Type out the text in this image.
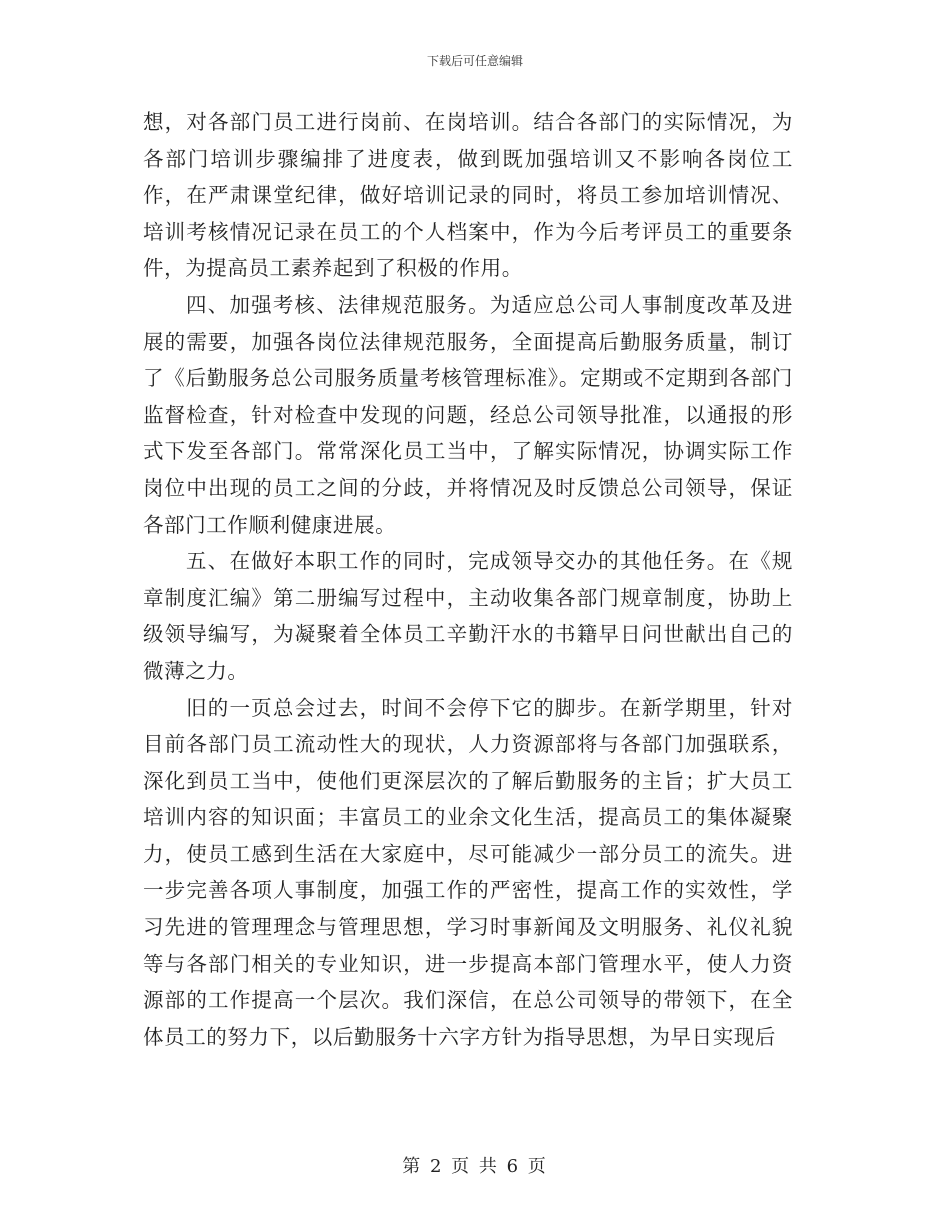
下载后可任意编辑

想，对各部门员工进行岗前、在岗培训。结合各部门的实际情况，为各部门培训步骤编排了进度表，做到既加强培训又不影响各岗位工作，在严肃课堂纪律，做好培训记录的同时，将员工参加培训情况、培训考核情况记录在员工的个人档案中，作为今后考评员工的重要条件，为提高员工素养起到了积极的作用。

四、加强考核、法律规范服务。为适应总公司人事制度改革及进展的需要，加强各岗位法律规范服务，全面提高后勤服务质量，制订了《后勤服务总公司服务质量考核管理标准》。定期或不定期到各部门监督检查，针对检查中发现的问题，经总公司领导批准，以通报的形式下发至各部门。常常深化员工当中，了解实际情况，协调实际工作岗位中出现的员工之间的分歧，并将情况及时反馈总公司领导，保证各部门工作顺利健康进展。

五、在做好本职工作的同时，完成领导交办的其他任务。在《规章制度汇编》第二册编写过程中，主动收集各部门规章制度，协助上级领导编写，为凝聚着全体员工辛勤汗水的书籍早日问世献出自己的微薄之力。

旧的一页总会过去，时间不会停下它的脚步。在新学期里，针对目前各部门员工流动性大的现状，人力资源部将与各部门加强联系，深化到员工当中，使他们更深层次的了解后勤服务的主旨；扩大员工培训内容的知识面；丰富员工的业余文化生活，提高员工的集体凝聚力，使员工感到生活在大家庭中，尽可能减少一部分员工的流失。进一步完善各项人事制度，加强工作的严密性，提高工作的实效性，学习先进的管理理念与管理思想，学习时事新闻及文明服务、礼仪礼貌等与各部门相关的专业知识，进一步提高本部门管理水平，使人力资源部的工作提高一个层次。我们深信，在总公司领导的带领下，在全体员工的努力下，以后勤服务十六字方针为指导思想，为早日实现后

第 2 页 共 6 页
